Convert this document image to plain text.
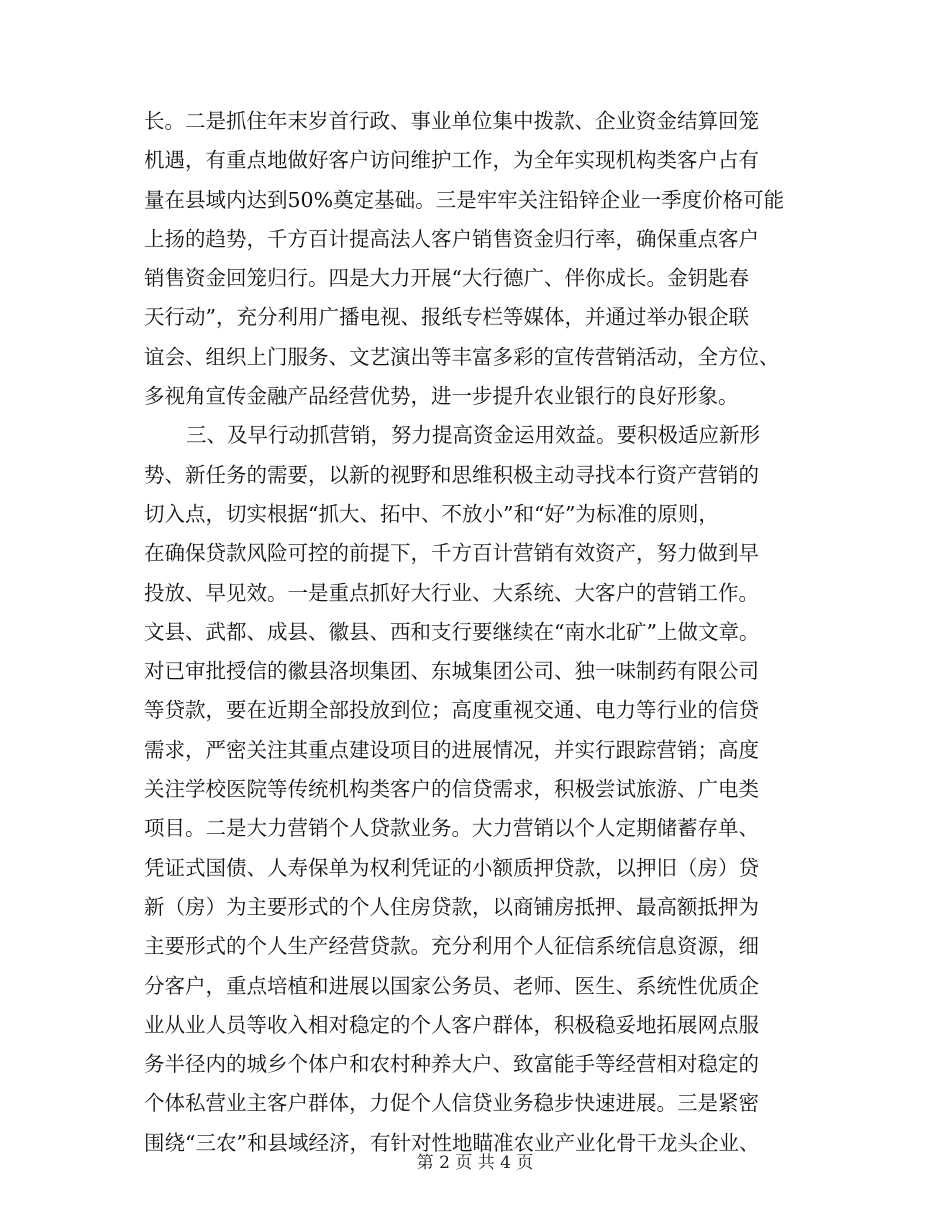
长。二是抓住年末岁首行政、事业单位集中拨款、企业资金结算回笼
机遇，有重点地做好客户访问维护工作，为全年实现机构类客户占有
量在县域内达到50%奠定基础。三是牢牢关注铅锌企业一季度价格可能
上扬的趋势，千方百计提高法人客户销售资金归行率，确保重点客户
销售资金回笼归行。四是大力开展“大行德广、伴你成长。金钥匙春
天行动”，充分利用广播电视、报纸专栏等媒体，并通过举办银企联
谊会、组织上门服务、文艺演出等丰富多彩的宣传营销活动，全方位、
多视角宣传金融产品经营优势，进一步提升农业银行的良好形象。
三、及早行动抓营销，努力提高资金运用效益。要积极适应新形
势、新任务的需要，以新的视野和思维积极主动寻找本行资产营销的
切入点，切实根据“抓大、拓中、不放小”和“好”为标准的原则，
在确保贷款风险可控的前提下，千方百计营销有效资产，努力做到早
投放、早见效。一是重点抓好大行业、大系统、大客户的营销工作。
文县、武都、成县、徽县、西和支行要继续在“南水北矿”上做文章。
对已审批授信的徽县洛坝集团、东城集团公司、独一味制药有限公司
等贷款，要在近期全部投放到位；高度重视交通、电力等行业的信贷
需求，严密关注其重点建设项目的进展情况，并实行跟踪营销；高度
关注学校医院等传统机构类客户的信贷需求，积极尝试旅游、广电类
项目。二是大力营销个人贷款业务。大力营销以个人定期储蓄存单、
凭证式国债、人寿保单为权利凭证的小额质押贷款，以押旧（房）贷
新（房）为主要形式的个人住房贷款，以商铺房抵押、最高额抵押为
主要形式的个人生产经营贷款。充分利用个人征信系统信息资源，细
分客户，重点培植和进展以国家公务员、老师、医生、系统性优质企
业从业人员等收入相对稳定的个人客户群体，积极稳妥地拓展网点服
务半径内的城乡个体户和农村种养大户、致富能手等经营相对稳定的
个体私营业主客户群体，力促个人信贷业务稳步快速进展。三是紧密
围绕“三农”和县域经济，有针对性地瞄准农业产业化骨干龙头企业、
第 2 页 共 4 页
